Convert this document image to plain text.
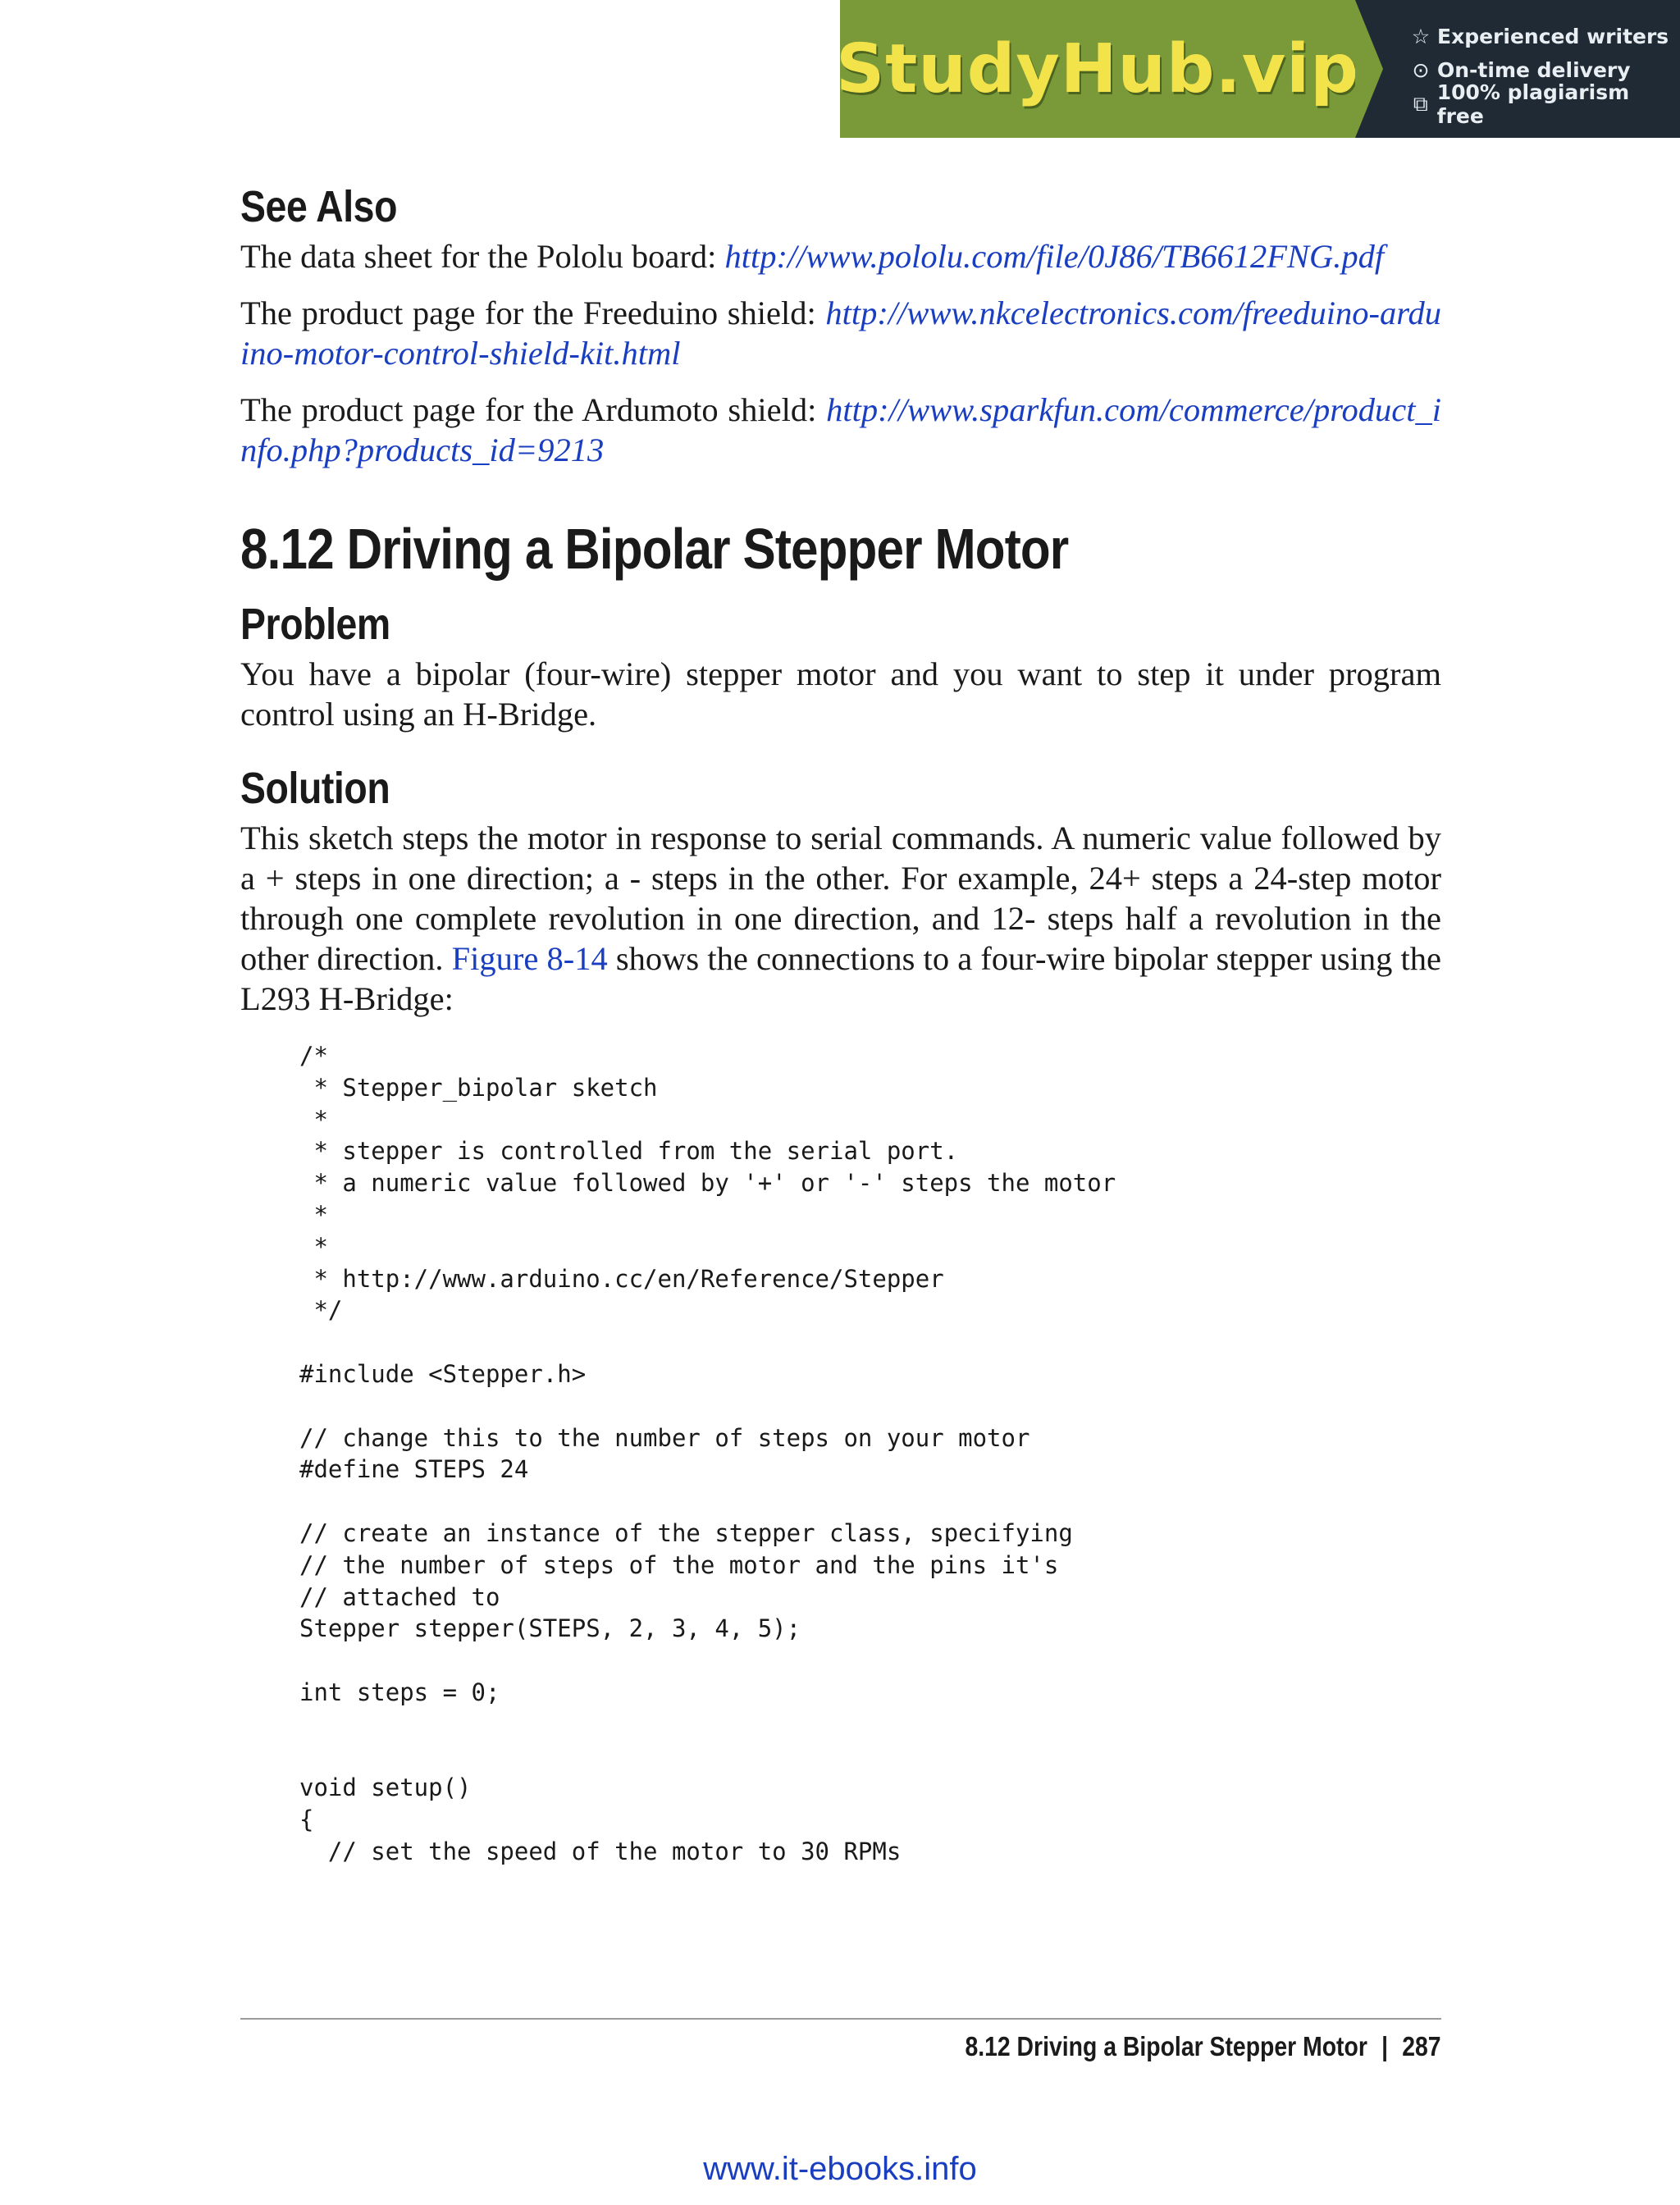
StudyHub.vip	☆ Experienced writers
⊙ On-time delivery
⧉ 100% plagiarism free
See Also

The data sheet for the Pololu board: http://www.pololu.com/file/0J86/TB6612FNG.pdf

The product page for the Freeduino shield: http://www.nkcelectronics.com/freeduino-arduino-motor-control-shield-kit.html

The product page for the Ardumoto shield: http://www.sparkfun.com/commerce/product_info.php?products_id=9213

8.12 Driving a Bipolar Stepper Motor
Problem

You have a bipolar (four-wire) stepper motor and you want to step it under program control using an H-Bridge.

Solution

This sketch steps the motor in response to serial commands. A numeric value followed by a + steps in one direction; a - steps in the other. For example, 24+ steps a 24-step motor through one complete revolution in one direction, and 12- steps half a revolution in the other direction. Figure 8-14 shows the connections to a four-wire bipolar stepper using the L293 H-Bridge:

/*
* Stepper_bipolar sketch
*
* stepper is controlled from the serial port.
* a numeric value followed by '+' or '-' steps the motor
*
*
* http://www.arduino.cc/en/Reference/Stepper
*/

#include <Stepper.h>

// change this to the number of steps on your motor
#define STEPS 24

// create an instance of the stepper class, specifying
// the number of steps of the motor and the pins it's
// attached to
Stepper stepper(STEPS, 2, 3, 4, 5);

int steps = 0;

void setup()
{
// set the speed of the motor to 30 RPMs
8.12 Driving a Bipolar Stepper Motor | 287
www.it-ebooks.info
